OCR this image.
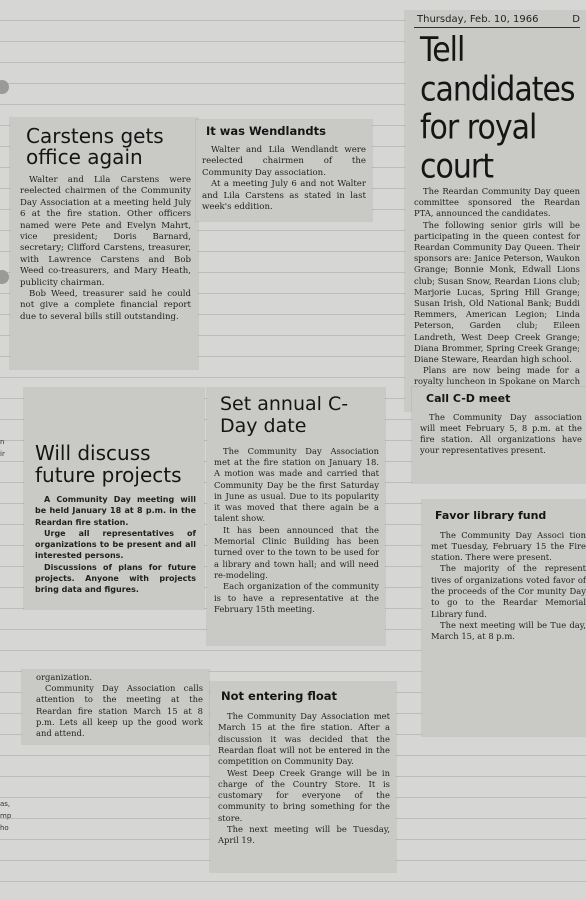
n
ir
as,
mp
ho
Carstens gets office again

Walter and Lila Carstens were reelected chairmen of the Community Day Association at a meeting held July 6 at the fire station. Other officers named were Pete and Evelyn Mahrt, vice president; Doris Barnard, secretary; Clifford Carstens, treasurer, with Lawrence Carstens and Bob Weed co-treasurers, and Mary Heath, publicity chairman.

Bob Weed, treasurer said he could not give a complete financial report due to several bills still outstanding.

It was Wendlandts

Walter and Lila Wendlandt were reelected chairmen of the Community Day association.

At a meeting July 6 and not Walter and Lila Carstens as stated in last week's eddition.

Thursday, Feb. 10, 1966	D
Tell candidates for royal court

The Reardan Community Day queen committee sponsored the Reardan PTA, announced the candidates.

The following senior girls will be participating in the queen contest for Reardan Community Day Queen. Their sponsors are: Janice Peterson, Waukon Grange; Bonnie Monk, Edwall Lions club; Susan Snow, Reardan Lions club; Marjorie Lucas, Spring Hill Grange; Susan Irish, Old National Bank; Buddi Remmers, American Legion; Linda Peterson, Garden club; Eileen Landreth, West Deep Creek Grange; Diana Brommer, Spring Creek Grange; Diane Steware, Reardan high school.

Plans are now being made for a royalty luncheon in Spokane on March

Will discuss future projects

A Community Day meeting will be held January 18 at 8 p.m. in the Reardan fire station.

Urge all representatives of organizations to be present and all interested persons.

Discussions of plans for future projects. Anyone with projects bring data and figures.

Set annual C-Day date

The Community Day Association met at the fire station on January 18. A motion was made and carried that Community Day be the first Saturday in June as usual. Due to its popularity it was moved that there again be a talent show.

It has been announced that the Memorial Clinic Building has been turned over to the town to be used for a library and town hall; and will need re-modeling.

Each organization of the community is to have a representative at the February 15th meeting.

Call C-D meet

The Community Day association will meet February 5, 8 p.m. at the fire station. All organizations have your representatives present.

Favor library fund

The Community Day Associ tion met Tuesday, February 15 the Fire station. There were present.

The majority of the represent tives of organizations voted favor of the proceeds of the Cor munity Day to go to the Reardar Memorial Library fund.

The next meeting will be Tue day, March 15, at 8 p.m.

organization.

Community Day Association calls attention to the meeting at the Reardan fire station March 15 at 8 p.m. Lets all keep up the good work and attend.

Not entering float

The Community Day Association met March 15 at the fire station. After a discussion it was decided that the Reardan float will not be entered in the competition on Community Day.

West Deep Creek Grange will be in charge of the Country Store. It is customary for everyone of the community to bring something for the store.

The next meeting will be Tuesday, April 19.
